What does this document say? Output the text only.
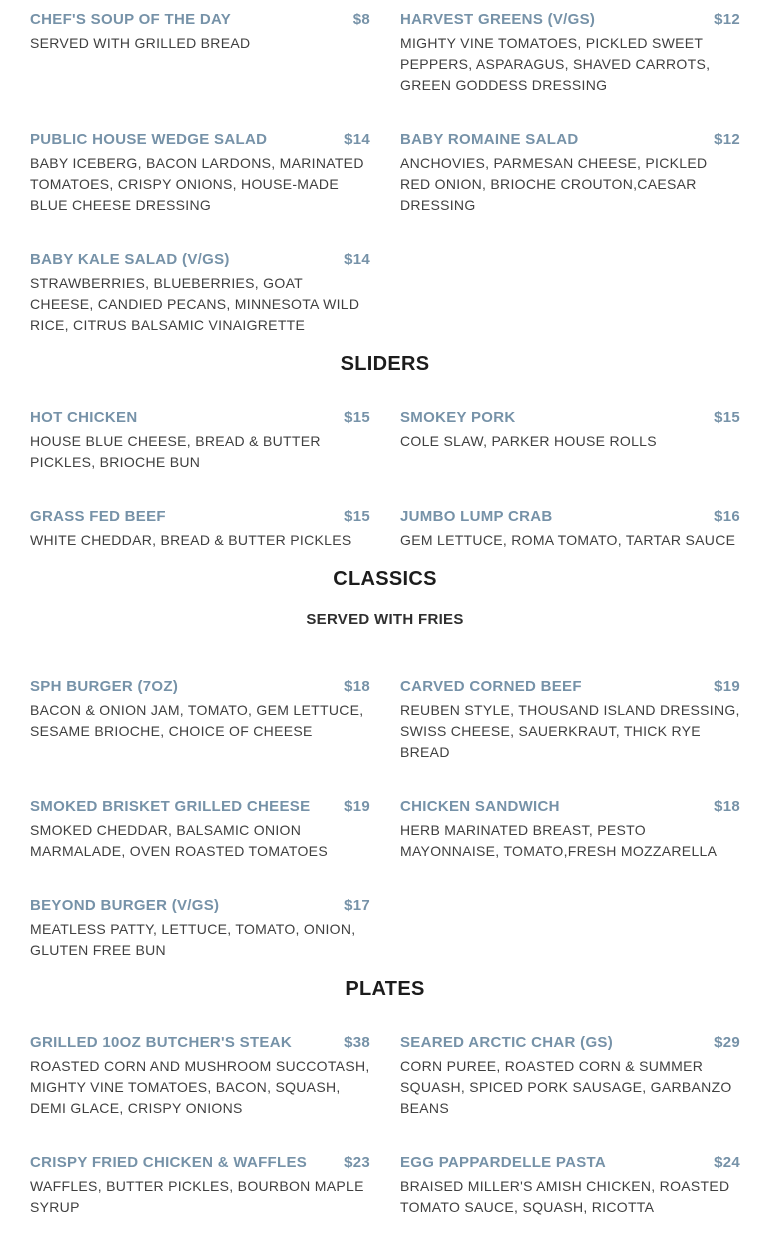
CHEF'S SOUP OF THE DAY	$8
SERVED WITH GRILLED BREAD
HARVEST GREENS (V/GS)	$12
MIGHTY VINE TOMATOES, PICKLED SWEET PEPPERS, ASPARAGUS, SHAVED CARROTS, GREEN GODDESS DRESSING
PUBLIC HOUSE WEDGE SALAD	$14
BABY ICEBERG, BACON LARDONS, MARINATED TOMATOES, CRISPY ONIONS, HOUSE-MADE BLUE CHEESE DRESSING
BABY ROMAINE SALAD	$12
ANCHOVIES, PARMESAN CHEESE, PICKLED RED ONION, BRIOCHE CROUTON,CAESAR DRESSING
BABY KALE SALAD (V/GS)	$14
STRAWBERRIES, BLUEBERRIES, GOAT CHEESE, CANDIED PECANS, MINNESOTA WILD RICE, CITRUS BALSAMIC VINAIGRETTE
SLIDERS
HOT CHICKEN	$15
HOUSE BLUE CHEESE, BREAD & BUTTER PICKLES, BRIOCHE BUN
SMOKEY PORK	$15
COLE SLAW, PARKER HOUSE ROLLS
GRASS FED BEEF	$15
WHITE CHEDDAR, BREAD & BUTTER PICKLES
JUMBO LUMP CRAB	$16
GEM LETTUCE, ROMA TOMATO, TARTAR SAUCE
CLASSICS
SERVED WITH FRIES
SPH BURGER (7OZ)	$18
BACON & ONION JAM, TOMATO, GEM LETTUCE, SESAME BRIOCHE, CHOICE OF CHEESE
CARVED CORNED BEEF	$19
REUBEN STYLE, THOUSAND ISLAND DRESSING, SWISS CHEESE, SAUERKRAUT, THICK RYE BREAD
SMOKED BRISKET GRILLED CHEESE $19
SMOKED CHEDDAR, BALSAMIC ONION MARMALADE, OVEN ROASTED TOMATOES
CHICKEN SANDWICH	$18
HERB MARINATED BREAST, PESTO MAYONNAISE, TOMATO,FRESH MOZZARELLA
BEYOND BURGER (V/GS)	$17
MEATLESS PATTY, LETTUCE, TOMATO, ONION, GLUTEN FREE BUN
PLATES
GRILLED 10OZ BUTCHER'S STEAK	$38
ROASTED CORN AND MUSHROOM SUCCOTASH, MIGHTY VINE TOMATOES, BACON, SQUASH, DEMI GLACE, CRISPY ONIONS
SEARED ARCTIC CHAR (GS)	$29
CORN PUREE, ROASTED CORN & SUMMER SQUASH, SPICED PORK SAUSAGE, GARBANZO BEANS
CRISPY FRIED CHICKEN & WAFFLES $23
WAFFLES, BUTTER PICKLES, BOURBON MAPLE SYRUP
EGG PAPPARDELLE PASTA	$24
BRAISED MILLER'S AMISH CHICKEN, ROASTED TOMATO SAUCE, SQUASH, RICOTTA
